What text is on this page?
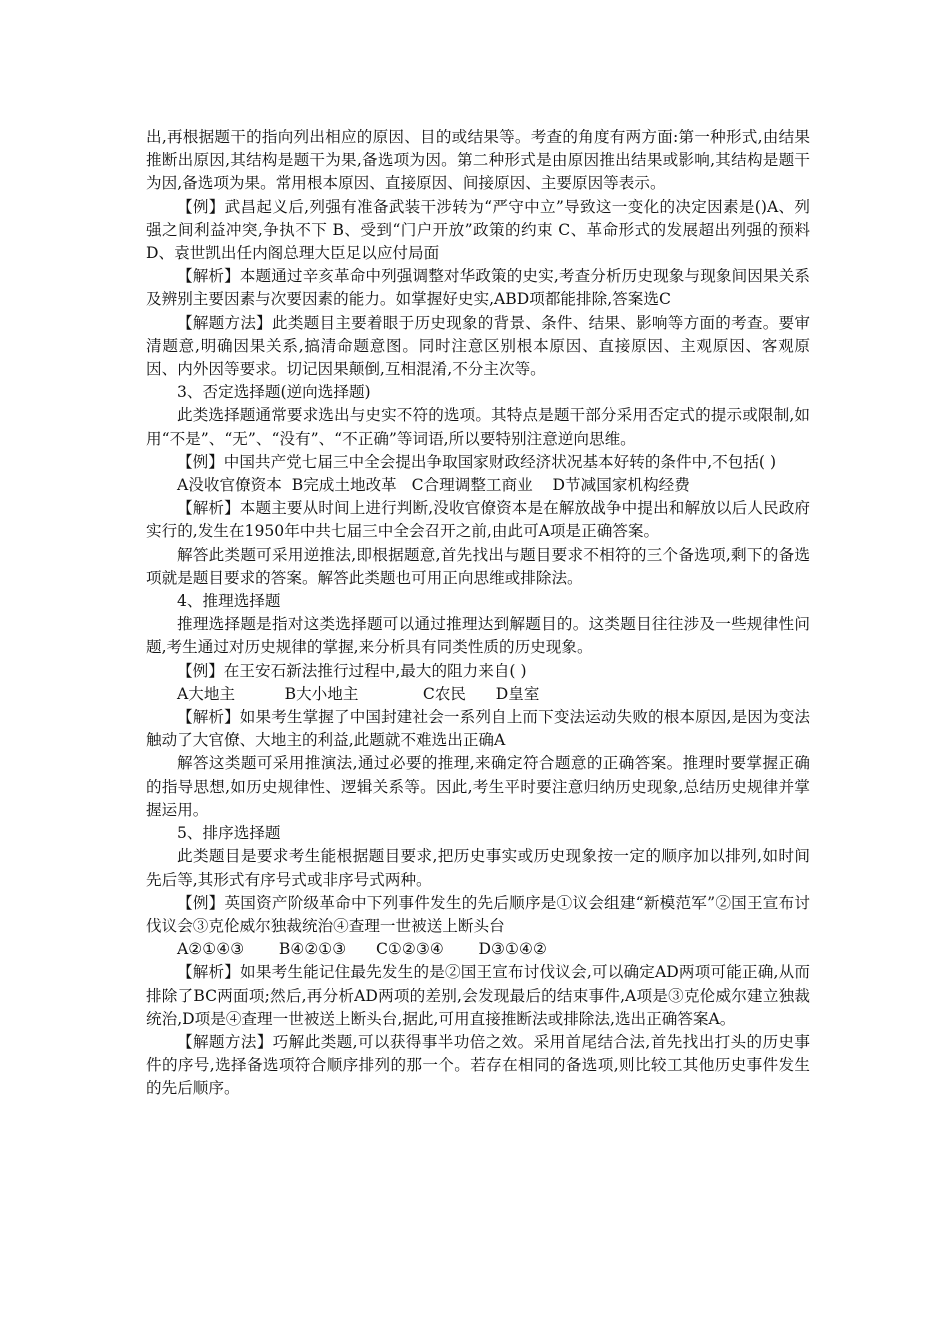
出,再根据题干的指向列出相应的原因、目的或结果等。考查的角度有两方面:第一种形式,由结果推断出原因,其结构是题干为果,备选项为因。第二种形式是由原因推出结果或影响,其结构是题干为因,备选项为果。常用根本原因、直接原因、间接原因、主要原因等表示。

【例】武昌起义后,列强有准备武装干涉转为“严守中立”导致这一变化的决定因素是()A、列强之间利益冲突,争执不下 B、受到“门户开放”政策的约束 C、革命形式的发展超出列强的预料 D、袁世凯出任内阁总理大臣足以应付局面

【解析】本题通过辛亥革命中列强调整对华政策的史实,考查分析历史现象与现象间因果关系及辨别主要因素与次要因素的能力。如掌握好史实,ABD项都能排除,答案选C

【解题方法】此类题目主要着眼于历史现象的背景、条件、结果、影响等方面的考查。要审清题意,明确因果关系,搞清命题意图。同时注意区别根本原因、直接原因、主观原因、客观原因、内外因等要求。切记因果颠倒,互相混淆,不分主次等。

3、否定选择题(逆向选择题)

此类选择题通常要求选出与史实不符的选项。其特点是题干部分采用否定式的提示或限制,如用“不是”、“无”、“没有”、“不正确”等词语,所以要特别注意逆向思维。

【例】中国共产党七届三中全会提出争取国家财政经济状况基本好转的条件中,不包括( )

A没收官僚资本  B完成土地改革   C合理调整工商业    D节减国家机构经费

【解析】本题主要从时间上进行判断,没收官僚资本是在解放战争中提出和解放以后人民政府实行的,发生在1950年中共七届三中全会召开之前,由此可A项是正确答案。

解答此类题可采用逆推法,即根据题意,首先找出与题目要求不相符的三个备选项,剩下的备选项就是题目要求的答案。解答此类题也可用正向思维或排除法。

4、推理选择题

推理选择题是指对这类选择题可以通过推理达到解题目的。这类题目往往涉及一些规律性问题,考生通过对历史规律的掌握,来分析具有同类性质的历史现象。

【例】在王安石新法推行过程中,最大的阻力来自( )

A大地主          B大小地主             C农民      D皇室

【解析】如果考生掌握了中国封建社会一系列自上而下变法运动失败的根本原因,是因为变法触动了大官僚、大地主的利益,此题就不难选出正确A

解答这类题可采用推演法,通过必要的推理,来确定符合题意的正确答案。推理时要掌握正确的指导思想,如历史规律性、逻辑关系等。因此,考生平时要注意归纳历史现象,总结历史规律并掌握运用。

5、排序选择题

此类题目是要求考生能根据题目要求,把历史事实或历史现象按一定的顺序加以排列,如时间先后等,其形式有序号式或非序号式两种。

【例】英国资产阶级革命中下列事件发生的先后顺序是①议会组建“新模范军”②国王宣布讨伐议会③克伦威尔独裁统治④查理一世被送上断头台

A②①④③       B④②①③      C①②③④       D③①④②

【解析】如果考生能记住最先发生的是②国王宣布讨伐议会,可以确定AD两项可能正确,从而排除了BC两面项;然后,再分析AD两项的差别,会发现最后的结束事件,A项是③克伦威尔建立独裁统治,D项是④查理一世被送上断头台,据此,可用直接推断法或排除法,选出正确答案A。

【解题方法】巧解此类题,可以获得事半功倍之效。采用首尾结合法,首先找出打头的历史事件的序号,选择备选项符合顺序排列的那一个。若存在相同的备选项,则比较工其他历史事件发生的先后顺序。
